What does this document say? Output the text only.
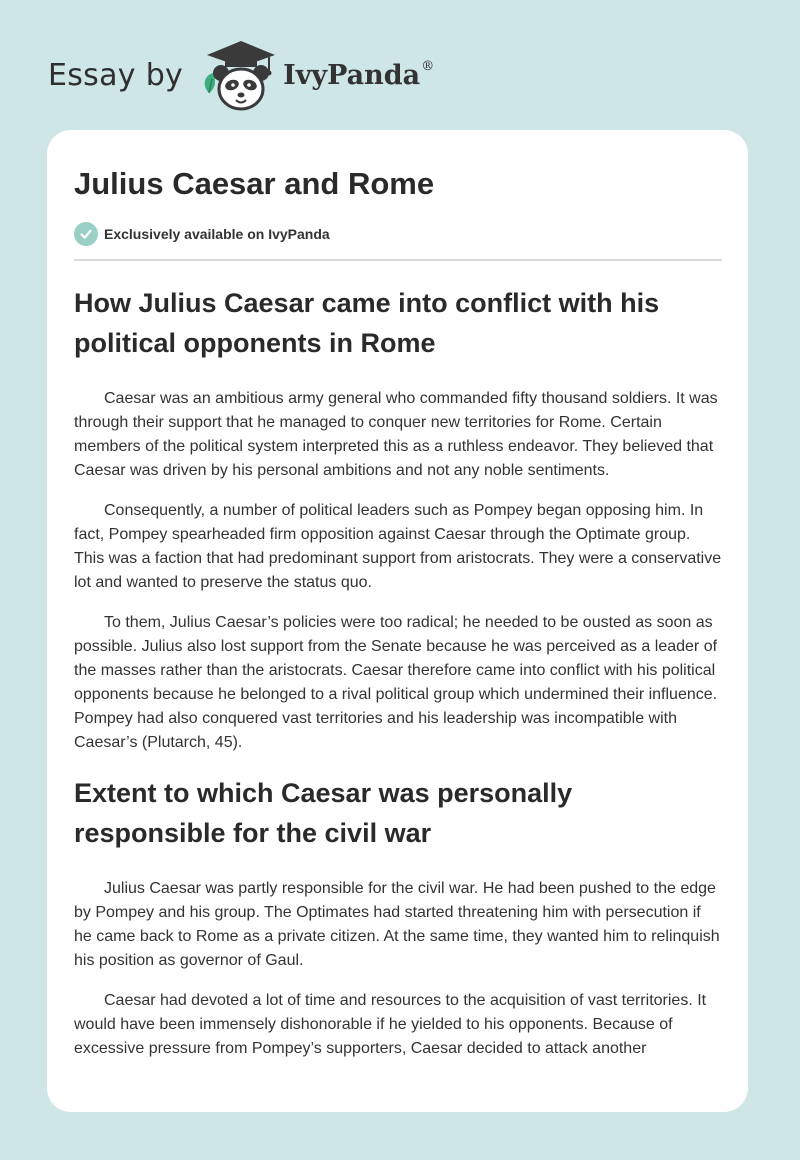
Essay by	IvyPanda®
Julius Caesar and Rome
Exclusively available on IvyPanda
How Julius Caesar came into conflict with his political opponents in Rome

Caesar was an ambitious army general who commanded fifty thousand soldiers. It was through their support that he managed to conquer new territories for Rome. Certain members of the political system interpreted this as a ruthless endeavor. They believed that Caesar was driven by his personal ambitions and not any noble sentiments.

Consequently, a number of political leaders such as Pompey began opposing him. In fact, Pompey spearheaded firm opposition against Caesar through the Optimate group. This was a faction that had predominant support from aristocrats. They were a conservative lot and wanted to preserve the status quo.

To them, Julius Caesar’s policies were too radical; he needed to be ousted as soon as possible. Julius also lost support from the Senate because he was perceived as a leader of the masses rather than the aristocrats. Caesar therefore came into conflict with his political opponents because he belonged to a rival political group which undermined their influence. Pompey had also conquered vast territories and his leadership was incompatible with Caesar’s (Plutarch, 45).

Extent to which Caesar was personally responsible for the civil war

Julius Caesar was partly responsible for the civil war. He had been pushed to the edge by Pompey and his group. The Optimates had started threatening him with persecution if he came back to Rome as a private citizen. At the same time, they wanted him to relinquish his position as governor of Gaul.

Caesar had devoted a lot of time and resources to the acquisition of vast territories. It would have been immensely dishonorable if he yielded to his opponents. Because of excessive pressure from Pompey’s supporters, Caesar decided to attack another
